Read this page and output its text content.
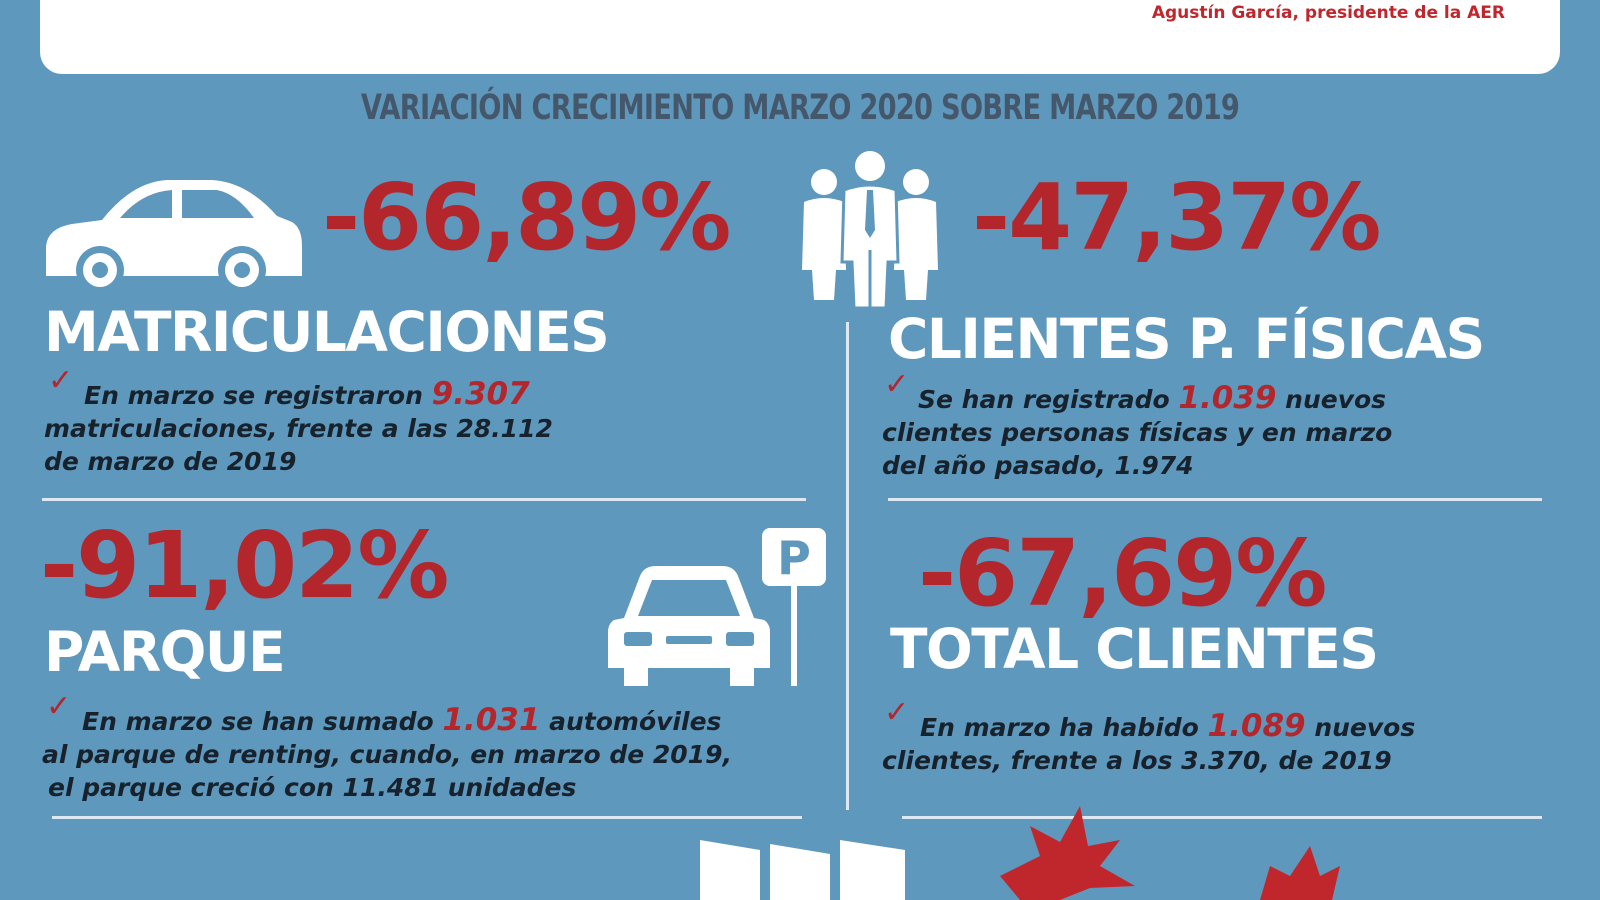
Agustín García, presidente de la AER
VARIACIÓN CRECIMIENTO MARZO 2020 SOBRE MARZO 2019
-66,89%
MATRICULACIONES
✓ En marzo se registraron 9.307
matriculaciones, frente a las 28.112
de marzo de 2019
-47,37%
CLIENTES P. FÍSICAS
✓ Se han registrado 1.039 nuevos
clientes personas físicas y en marzo
del año pasado, 1.974
-91,02%
PARQUE
P
✓ En marzo se han sumado 1.031 automóviles
al parque de renting, cuando, en marzo de 2019,
el parque creció con 11.481 unidades
-67,69%
TOTAL CLIENTES
✓ En marzo ha habido 1.089 nuevos
clientes, frente a los 3.370, de 2019
